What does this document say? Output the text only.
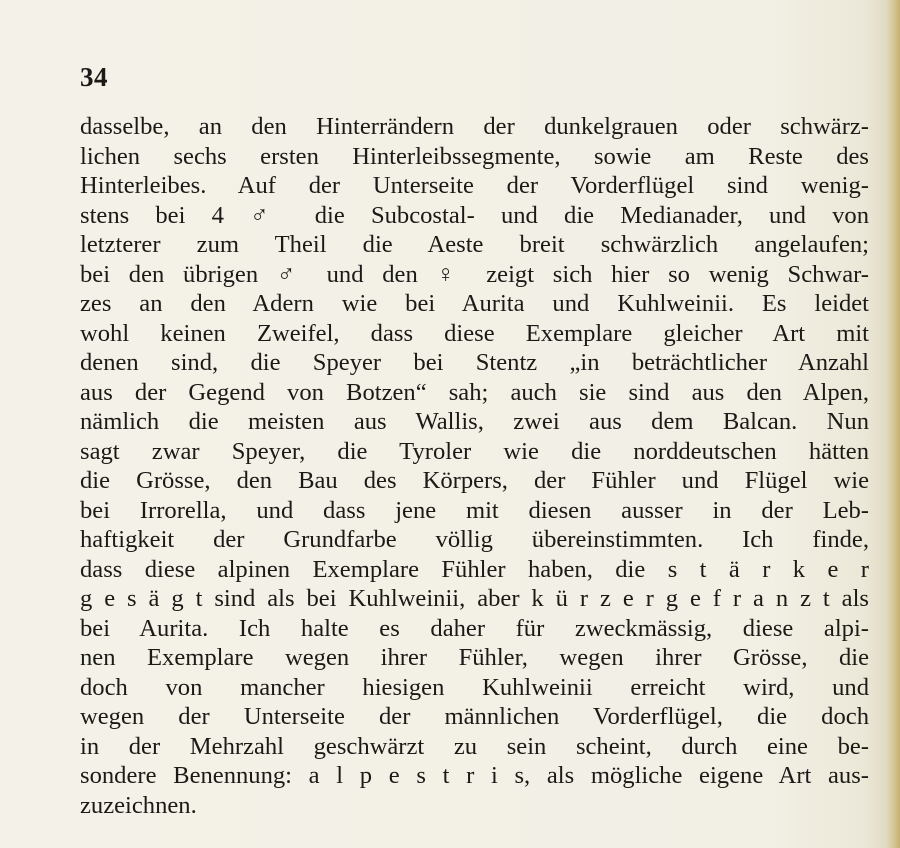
34
dasselbe, an den Hinterrändern der dunkelgrauen oder schwärz-
lichen sechs ersten Hinterleibssegmente, sowie am Reste des
Hinterleibes. Auf der Unterseite der Vorderflügel sind wenig-
stens bei 4 ♂ die Subcostal- und die Medianader, und von
letzterer zum Theil die Aeste breit schwärzlich angelaufen;
bei den übrigen ♂ und den ♀ zeigt sich hier so wenig Schwar-
zes an den Adern wie bei Aurita und Kuhlweinii. Es leidet
wohl keinen Zweifel, dass diese Exemplare gleicher Art mit
denen sind, die Speyer bei Stentz „in beträchtlicher Anzahl
aus der Gegend von Botzen“ sah; auch sie sind aus den Alpen,
nämlich die meisten aus Wallis, zwei aus dem Balcan. Nun
sagt zwar Speyer, die Tyroler wie die norddeutschen hätten
die Grösse, den Bau des Körpers, der Fühler und Flügel wie
bei Irrorella, und dass jene mit diesen ausser in der Leb-
haftigkeit der Grundfarbe völlig übereinstimmten. Ich finde,
dass diese alpinen Exemplare Fühler haben, die s t ä r k e r
g e s ä g t sind als bei Kuhlweinii, aber k ü r z e r g e f r a n z t als
bei Aurita. Ich halte es daher für zweckmässig, diese alpi-
nen Exemplare wegen ihrer Fühler, wegen ihrer Grösse, die
doch von mancher hiesigen Kuhlweinii erreicht wird, und
wegen der Unterseite der männlichen Vorderflügel, die doch
in der Mehrzahl geschwärzt zu sein scheint, durch eine be-
sondere Benennung: a l p e s t r i s, als mögliche eigene Art aus-
zuzeichnen.
